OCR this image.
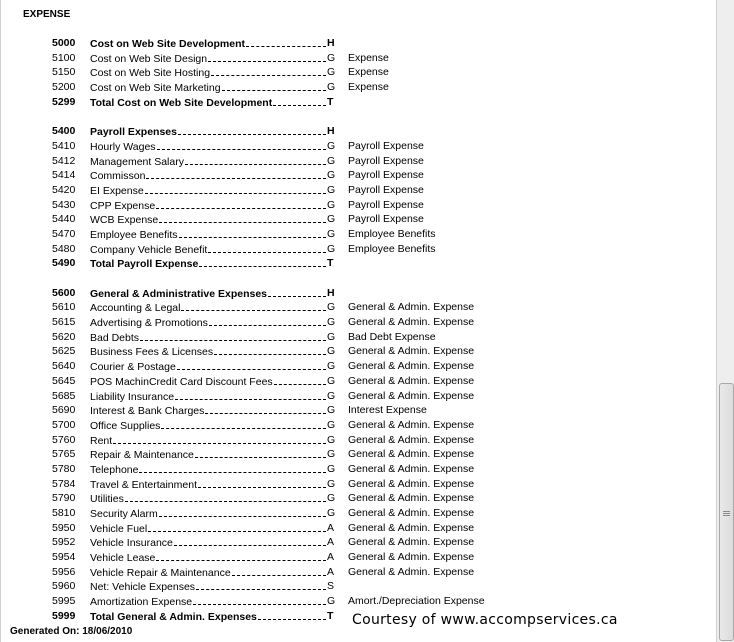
EXPENSE
5000	Cost on Web Site Development	H
5100	Cost on Web Site Design	G	Expense
5150	Cost on Web Site Hosting	G	Expense
5200	Cost on Web Site Marketing	G	Expense
5299	Total Cost on Web Site Development	T
5400	Payroll Expenses	H
5410	Hourly Wages	G	Payroll Expense
5412	Management Salary	G	Payroll Expense
5414	Commisson	G	Payroll Expense
5420	EI Expense	G	Payroll Expense
5430	CPP Expense	G	Payroll Expense
5440	WCB Expense	G	Payroll Expense
5470	Employee Benefits	G	Employee Benefits
5480	Company Vehicle Benefit	G	Employee Benefits
5490	Total Payroll Expense	T
5600	General & Administrative Expenses	H
5610	Accounting & Legal	G	General & Admin. Expense
5615	Advertising & Promotions	G	General & Admin. Expense
5620	Bad Debts	G	Bad Debt Expense
5625	Business Fees & Licenses	G	General & Admin. Expense
5640	Courier & Postage	G	General & Admin. Expense
5645	POS MachinCredit Card Discount Fees	G	General & Admin. Expense
5685	Liability Insurance	G	General & Admin. Expense
5690	Interest & Bank Charges	G	Interest Expense
5700	Office Supplies	G	General & Admin. Expense
5760	Rent	G	General & Admin. Expense
5765	Repair & Maintenance	G	General & Admin. Expense
5780	Telephone	G	General & Admin. Expense
5784	Travel & Entertainment	G	General & Admin. Expense
5790	Utilities	G	General & Admin. Expense
5810	Security Alarm	G	General & Admin. Expense
5950	Vehicle Fuel	A	General & Admin. Expense
5952	Vehicle Insurance	A	General & Admin. Expense
5954	Vehicle Lease	A	General & Admin. Expense
5956	Vehicle Repair & Maintenance	A	General & Admin. Expense
5960	Net: Vehicle Expenses	S
5995	Amortization Expense	G	Amort./Depreciation Expense
5999	Total General & Admin. Expenses	T	Courtesy of www.accompservices.ca
Generated On: 18/06/2010
